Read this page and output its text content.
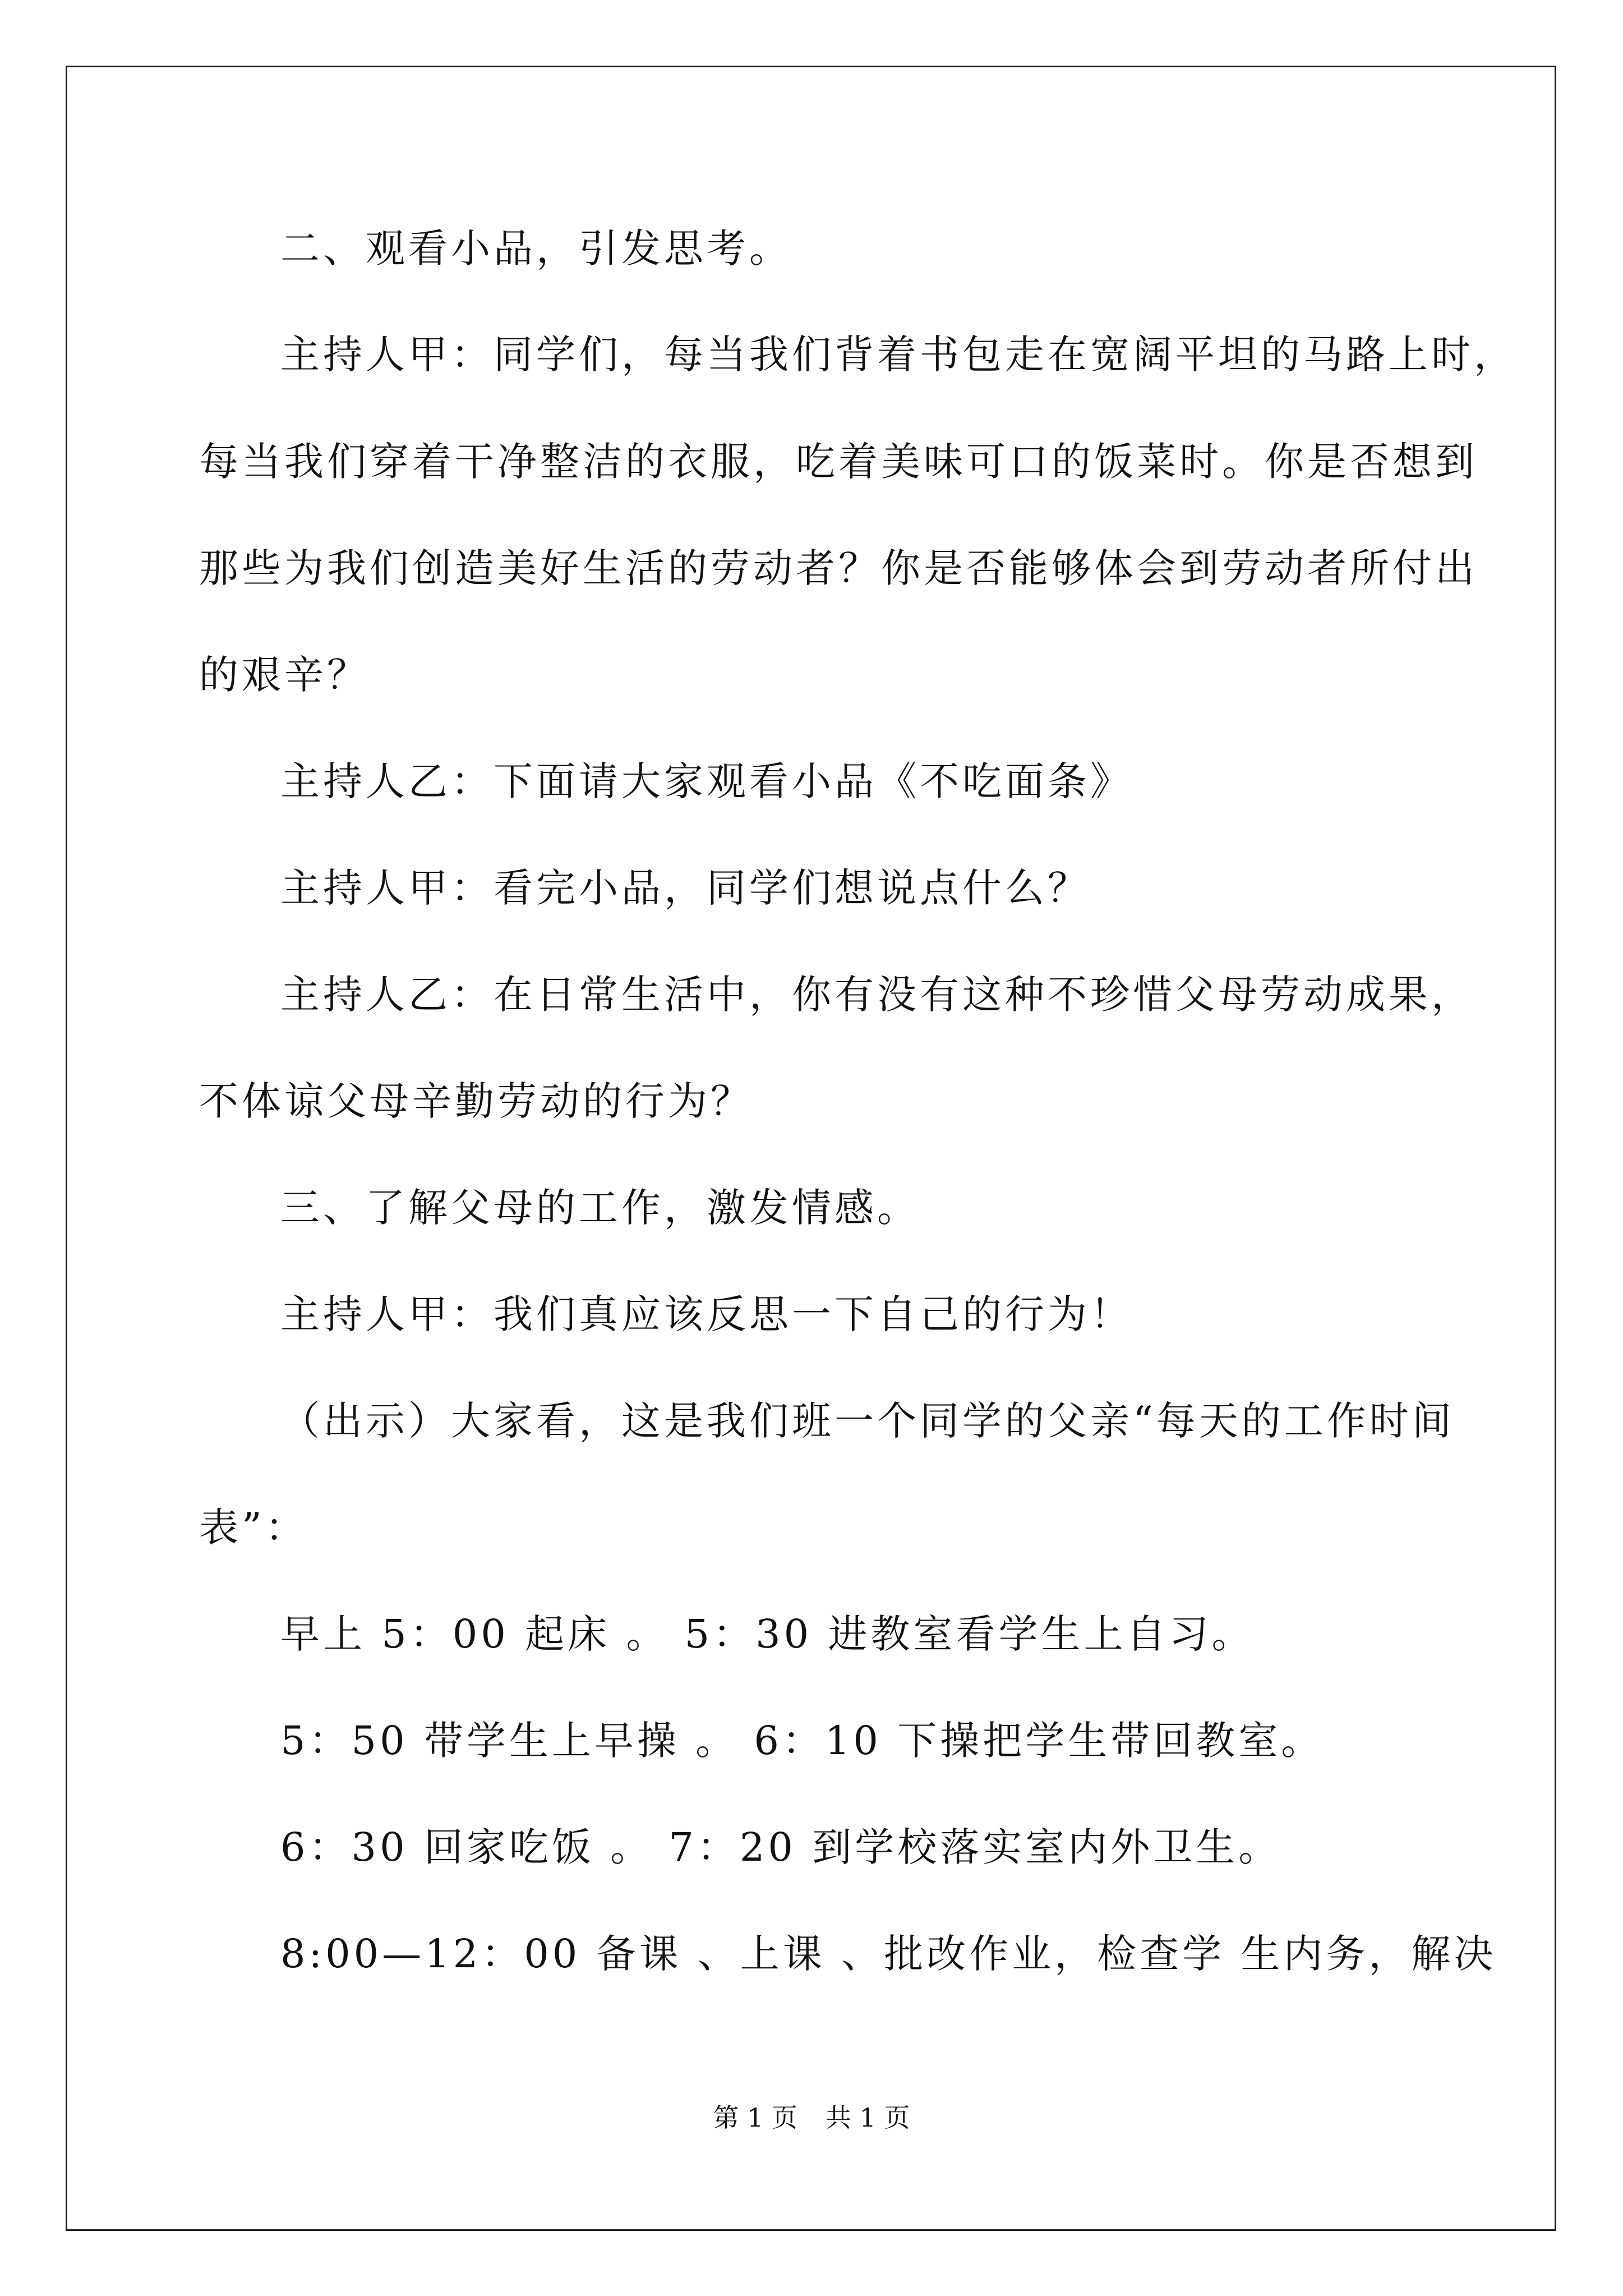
二、观看小品，引发思考。
主持人甲：同学们，每当我们背着书包走在宽阔平坦的马路上时，
每当我们穿着干净整洁的衣服，吃着美味可口的饭菜时。你是否想到
那些为我们创造美好生活的劳动者？你是否能够体会到劳动者所付出
的艰辛？
主持人乙：下面请大家观看小品《不吃面条》
主持人甲：看完小品，同学们想说点什么？
主持人乙：在日常生活中，你有没有这种不珍惜父母劳动成果，
不体谅父母辛勤劳动的行为？
三、了解父母的工作，激发情感。
主持人甲：我们真应该反思一下自己的行为！
（出示）大家看，这是我们班一个同学的父亲“每天的工作时间
表”：
早上 5：00 起床 。 5：30 进教室看学生上自习。
5：50 带学生上早操 。 6：10 下操把学生带回教室。
6：30 回家吃饭 。 7：20 到学校落实室内外卫生。
8:00—12：00 备课 、上课 、批改作业，检查学 生内务，解决
第 1 页 共 1 页
